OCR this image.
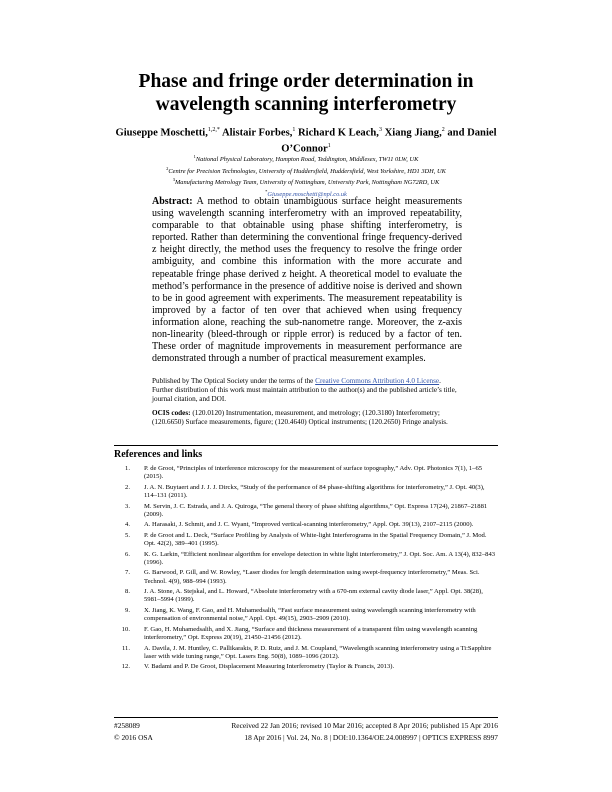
Phase and fringe order determination in
wavelength scanning interferometry
Giuseppe Moschetti,$^{1,2,*}$ Alistair Forbes,$^1$ Richard K Leach,$^3$ Xiang Jiang,$^2$ and Daniel O’Connor$^1$
$^1$National Physical Laboratory, Hampton Road, Teddington, Middlesex, TW11 0LW, UK
$^2$Centre for Precision Technologies, University of Huddersfield, Huddersfield, West Yorkshire, HD1 3DH, UK
$^3$Manufacturing Metrology Team, University of Nottingham, University Park, Nottingham NG72RD, UK
*Giuseppe.moschetti@npl.co.uk
Abstract: A method to obtain unambiguous surface height measurements using wavelength scanning interferometry with an improved repeatability, comparable to that obtainable using phase shifting interferometry, is reported. Rather than determining the conventional fringe frequency-derived z height directly, the method uses the frequency to resolve the fringe order ambiguity, and combine this information with the more accurate and repeatable fringe phase derived z height. A theoretical model to evaluate the method’s performance in the presence of additive noise is derived and shown to be in good agreement with experiments. The measurement repeatability is improved by a factor of ten over that achieved when using frequency information alone, reaching the sub-nanometre range. Moreover, the z-axis non-linearity (bleed-through or ripple error) is reduced by a factor of ten. These order of magnitude improvements in measurement performance are demonstrated through a number of practical measurement examples.
Published by The Optical Society under the terms of the Creative Commons Attribution 4.0 License. Further distribution of this work must maintain attribution to the author(s) and the published article’s title, journal citation, and DOI.
OCIS codes: (120.0120) Instrumentation, measurement, and metrology; (120.3180) Interferometry; (120.6650) Surface measurements, figure; (120.4640) Optical instruments; (120.2650) Fringe analysis.
References and links
1. P. de Groot, “Principles of interference microscopy for the measurement of surface topography,” Adv. Opt. Photonics 7(1), 1–65 (2015).
2. J. A. N. Buytaert and J. J. J. Dirckx, “Study of the performance of 84 phase-shifting algorithms for interferometry,” J. Opt. 40(3), 114–131 (2011).
3. M. Servin, J. C. Estrada, and J. A. Quiroga, “The general theory of phase shifting algorithms,” Opt. Express 17(24), 21867–21881 (2009).
4. A. Harasaki, J. Schmit, and J. C. Wyant, “Improved vertical-scanning interferometry,” Appl. Opt. 39(13), 2107–2115 (2000).
5. P. de Groot and L. Deck, “Surface Profiling by Analysis of White-light Interferograms in the Spatial Frequency Domain,” J. Mod. Opt. 42(2), 389–401 (1995).
6. K. G. Larkin, “Efficient nonlinear algorithm for envelope detection in white light interferometry,” J. Opt. Soc. Am. A 13(4), 832–843 (1996).
7. G. Barwood, P. Gill, and W. Rowley, “Laser diodes for length determination using swept-frequency interferometry,” Meas. Sci. Technol. 4(9), 988–994 (1993).
8. J. A. Stone, A. Stejskal, and L. Howard, “Absolute interferometry with a 670-nm external cavity diode laser,” Appl. Opt. 38(28), 5981–5994 (1999).
9. X. Jiang, K. Wang, F. Gao, and H. Muhamedsalih, “Fast surface measurement using wavelength scanning interferometry with compensation of environmental noise,” Appl. Opt. 49(15), 2903–2909 (2010).
10. F. Gao, H. Muhamedsalih, and X. Jiang, “Surface and thickness measurement of a transparent film using wavelength scanning interferometry,” Opt. Express 20(19), 21450–21456 (2012).
11. A. Davila, J. M. Huntley, C. Pallikarakis, P. D. Ruiz, and J. M. Coupland, “Wavelength scanning interferometry using a Ti:Sapphire laser with wide tuning range,” Opt. Lasers Eng. 50(8), 1089–1096 (2012).
12. V. Badami and P. De Groot, Displacement Measuring Interferometry (Taylor & Francis, 2013).
#258089	Received 22 Jan 2016; revised 10 Mar 2016; accepted 8 Apr 2016; published 15 Apr 2016
© 2016 OSA	18 Apr 2016 | Vol. 24, No. 8 | DOI:10.1364/OE.24.008997 | OPTICS EXPRESS 8997
